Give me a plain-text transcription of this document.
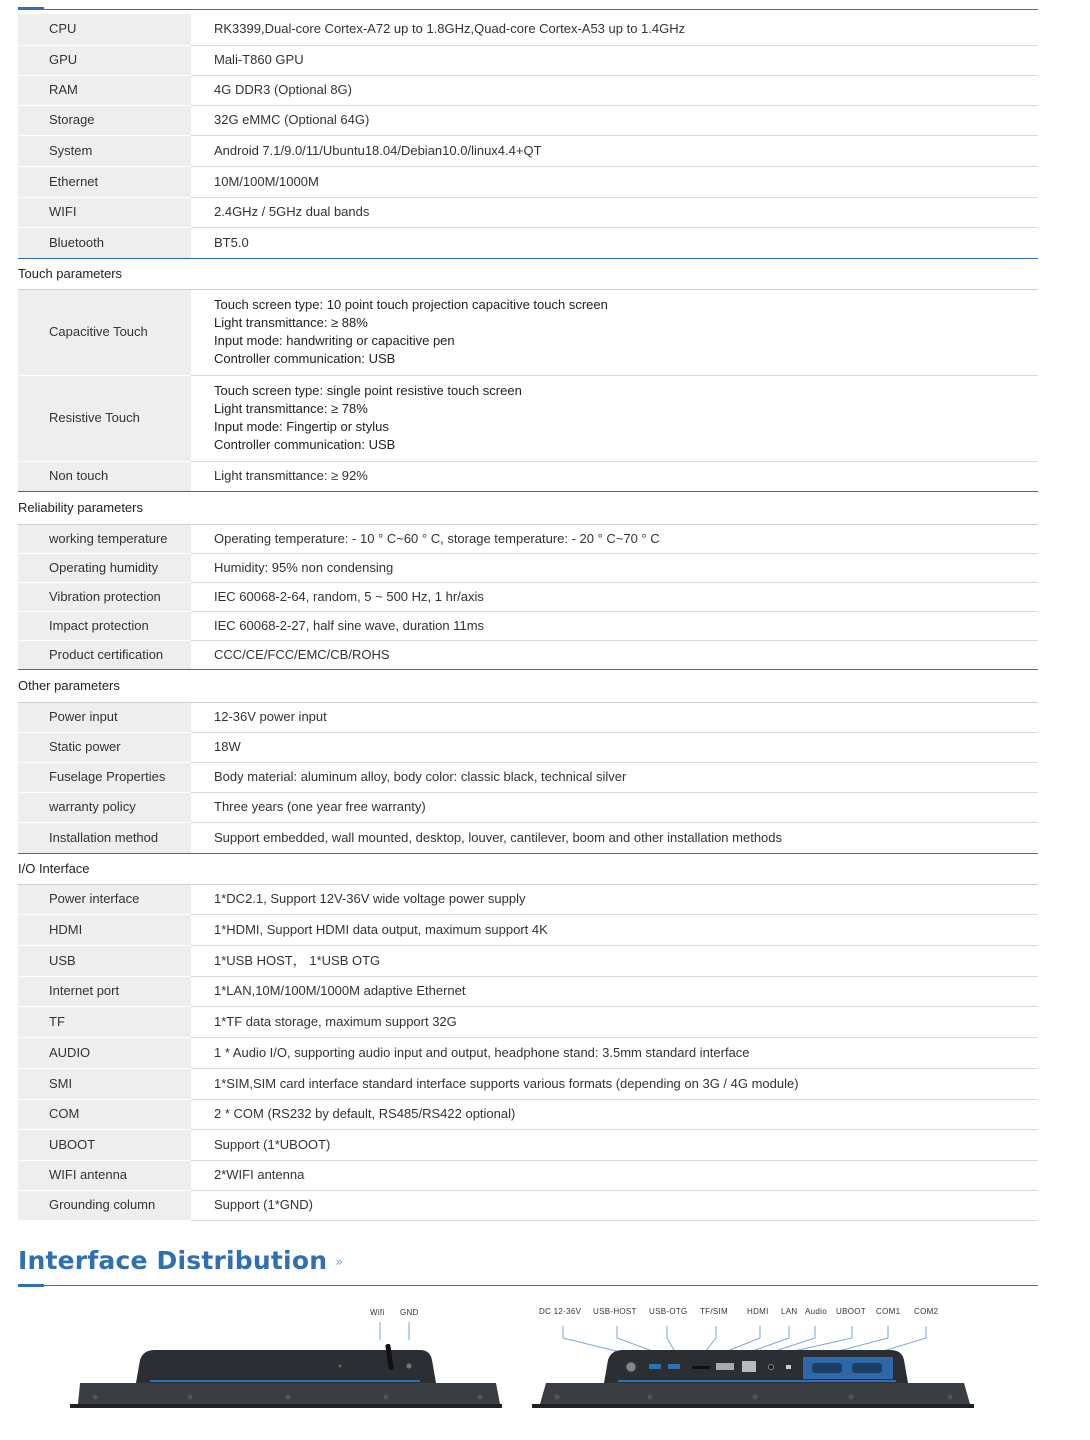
CPU	RK3399,Dual-core Cortex-A72 up to 1.8GHz,Quad-core Cortex-A53 up to 1.4GHz
GPU	Mali-T860 GPU
RAM	4G DDR3 (Optional 8G)
Storage	32G eMMC (Optional 64G)
System	Android 7.1/9.0/11/Ubuntu18.04/Debian10.0/linux4.4+QT
Ethernet	10M/100M/1000M
WIFI	2.4GHz / 5GHz dual bands
Bluetooth	BT5.0
Touch parameters	
Capacitive Touch	Touch screen type: 10 point touch projection capacitive touch screen
Light transmittance: ≥ 88%
Input mode: handwriting or capacitive pen
Controller communication: USB

Resistive Touch	Touch screen type: single point resistive touch screen
Light transmittance: ≥ 78%
Input mode: Fingertip or stylus
Controller communication: USB

Non touch	Light transmittance: ≥ 92%
Reliability parameters	
working temperature	Operating temperature: - 10 ° C~60 ° C, storage temperature: - 20 ° C~70 ° C
Operating humidity	Humidity: 95% non condensing
Vibration protection	IEC 60068-2-64, random, 5 ~ 500 Hz, 1 hr/axis
Impact protection	IEC 60068-2-27, half sine wave, duration 11ms
Product certification	CCC/CE/FCC/EMC/CB/ROHS
Other parameters	
Power input	12-36V power input
Static power	18W
Fuselage Properties	Body material: aluminum alloy, body color: classic black, technical silver
warranty policy	Three years (one year free warranty)
Installation method	Support embedded, wall mounted, desktop, louver, cantilever, boom and other installation methods
I/O Interface	
Power interface	1*DC2.1, Support 12V-36V wide voltage power supply
HDMI	1*HDMI, Support HDMI data output, maximum support 4K
USB	1*USB HOST， 1*USB OTG
Internet port	1*LAN,10M/100M/1000M adaptive Ethernet
TF	1*TF data storage, maximum support 32G
AUDIO	1 * Audio I/O, supporting audio input and output, headphone stand: 3.5mm standard interface
SMI	1*SIM,SIM card interface standard interface supports various formats (depending on 3G / 4G module)
COM	2 * COM (RS232 by default, RS485/RS422 optional)
UBOOT	Support (1*UBOOT)
WIFI antenna	2*WIFI antenna
Grounding column	Support (1*GND)
Interface Distribution »
Wifi GND	DC 12-36V USB-HOST USB-OTG TF/SIM HDMI LAN Audio UBOOT COM1 COM2
